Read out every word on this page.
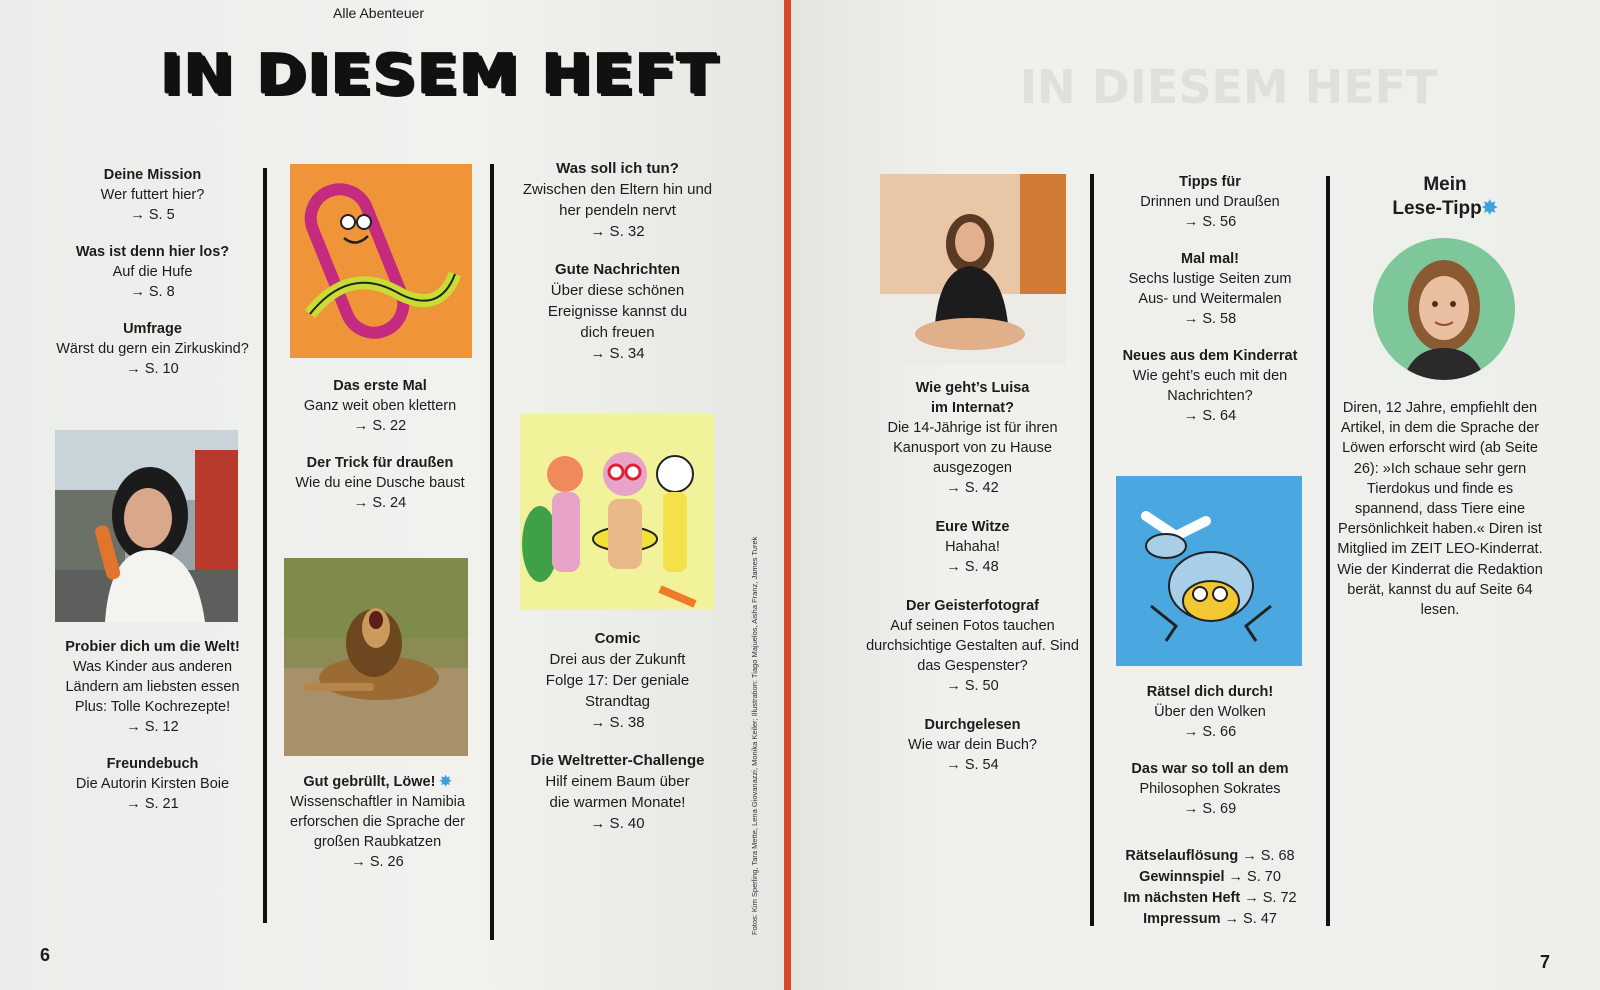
Alle Abenteuer
IN DIESEM HEFT	IN DIESEM HEFT
Deine Mission
Wer futtert hier?
→ S. 5
Was ist denn hier los?
Auf die Hufe
→ S. 8
Umfrage
Wärst du gern ein Zirkuskind?
→ S. 10
Probier dich um die Welt!
Was Kinder aus anderen Ländern am liebsten essen Plus: Tolle Kochrezepte!
→ S. 12
Freundebuch
Die Autorin Kirsten Boie
→ S. 21
Das erste Mal
Ganz weit oben klettern
→ S. 22
Der Trick für draußen
Wie du eine Dusche baust
→ S. 24
Gut gebrüllt, Löwe! ✸
Wissenschaftler in Namibia erforschen die Sprache der großen Raubkatzen
→ S. 26
Was soll ich tun?
Zwischen den Eltern hin und her pendeln nervt
→ S. 32
Gute Nachrichten
Über diese schönen Ereignisse kannst du dich freuen
→ S. 34
Comic
Drei aus der Zukunft Folge 17: Der geniale Strandtag
→ S. 38
Die Weltretter-Challenge
Hilf einem Baum über die warmen Monate!
→ S. 40	Fotos: Kim Sperling, Tara Mette, Lena Giovanazzi, Monika Keiler; Illustration: Tiago Majuelos, Aisha Franz, James Turek
6
Wie geht’s Luisa im Internat?
Die 14-Jährige ist für ihren Kanusport von zu Hause ausgezogen
→ S. 42
Eure Witze
Hahaha!
→ S. 48
Der Geisterfotograf
Auf seinen Fotos tauchen durchsichtige Gestalten auf. Sind das Gespenster?
→ S. 50
Durchgelesen
Wie war dein Buch?
→ S. 54
Tipps für
Drinnen und Draußen
→ S. 56
Mal mal!
Sechs lustige Seiten zum Aus- und Weitermalen
→ S. 58
Neues aus dem Kinderrat
Wie geht’s euch mit den Nachrichten?
→ S. 64
Rätsel dich durch!
Über den Wolken
→ S. 66
Das war so toll an dem
Philosophen Sokrates
→ S. 69
Rätselauflösung → S. 68
Gewinnspiel → S. 70
Im nächsten Heft → S. 72
Impressum → S. 47
Mein
Lese-Tipp✸
Diren, 12 Jahre, empfiehlt den Artikel, in dem die Sprache der Löwen erforscht wird (ab Seite 26): »Ich schaue sehr gern Tierdokus und finde es spannend, dass Tiere eine Persönlichkeit haben.« Diren ist Mitglied im ZEIT LEO-Kinderrat. Wie der Kinderrat die Redaktion berät, kannst du auf Seite 64 lesen.
7
